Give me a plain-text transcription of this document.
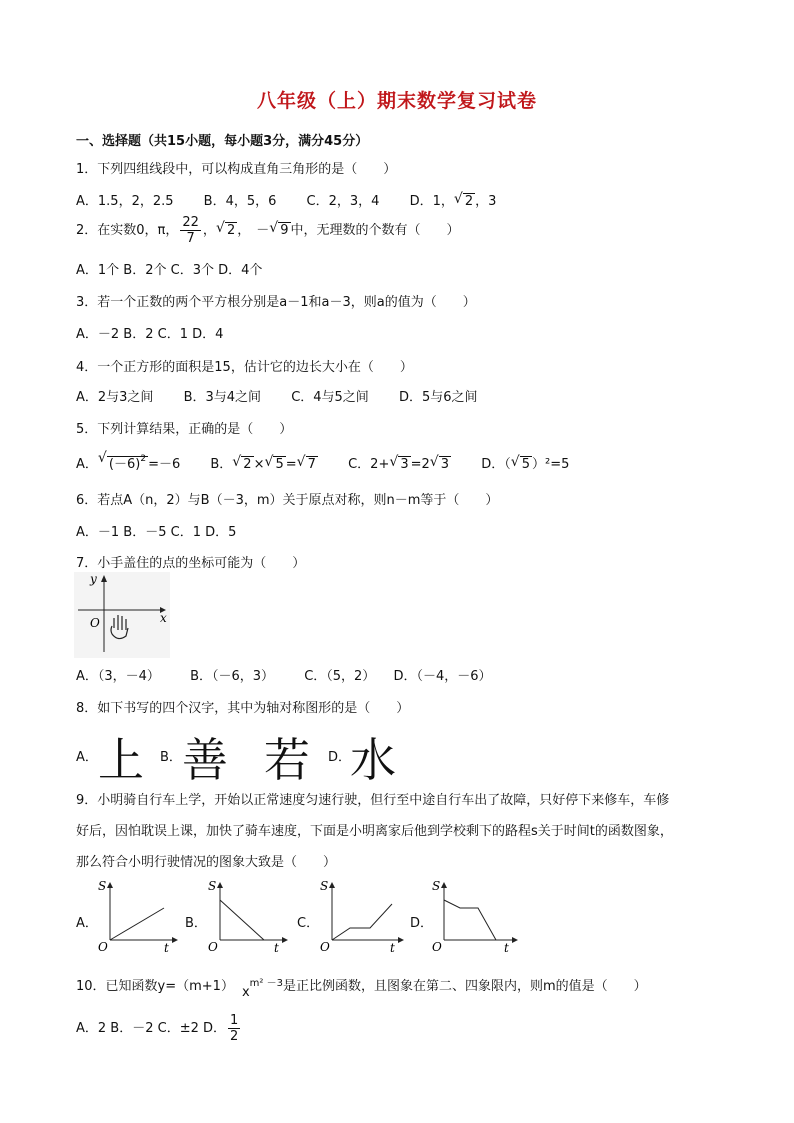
八年级（上）期末数学复习试卷
一、选择题（共15小题，每小题3分，满分45分）
1．下列四组线段中，可以构成直角三角形的是（　　）
A．1.5，2，2.5 B．4，5，6 C．2，3，4 D．1， √ 2 ，3
2．在实数0，π， $\frac{22}{7}$ ， √ 2 ， － √ 9 中，无理数的个数有（　　）
A．1个 B．2个 C．3个 D．4个
3．若一个正数的两个平方根分别是a－1和a－3，则a的值为（　　）
A．－2 B．2 C．1 D．4
4．一个正方形的面积是15，估计它的边长大小在（　　）
A．2与3之间 B．3与4之间 C．4与5之间 D．5与6之间
5．下列计算结果，正确的是（　　）
A． √ $(-6)^2 =-6$ B． √ 2 × √ 5 = √ 7 C．2+ √ 3 =2 √ 3 D．（ √ 5 ）²=5
6．若点A（n，2）与B（－3，m）关于原点对称，则n－m等于（　　）
A．－1 B．－5 C．1 D．5
7．小手盖住的点的坐标可能为（　　）
y
x
O
A．（3，－4） B．（－6，3） C．（5，2） D．（－4，－6）
8．如下书写的四个汉字，其中为轴对称图形的是（　　）
A． 上 B． 善 若 D．
水
9．小明骑自行车上学，开始以正常速度匀速行驶，但行至中途自行车出了故障，只好停下来修车，车修
好后，因怕耽误上课，加快了骑车速度，下面是小明离家后他到学校剩下的路程s关于时间t的函数图象，
那么符合小明行驶情况的图象大致是（　　）
A．
S
t
O
B．
S
t
O
C．
S
t
O
D．
S
t
O
10．已知函数y=（m+1） $x^{m^2 -3}$是正比例函数，且图象在第二、四象限内，则m的值是（　　）
A．2 B．－2 C．±2 D． $\frac{1}{2}$
